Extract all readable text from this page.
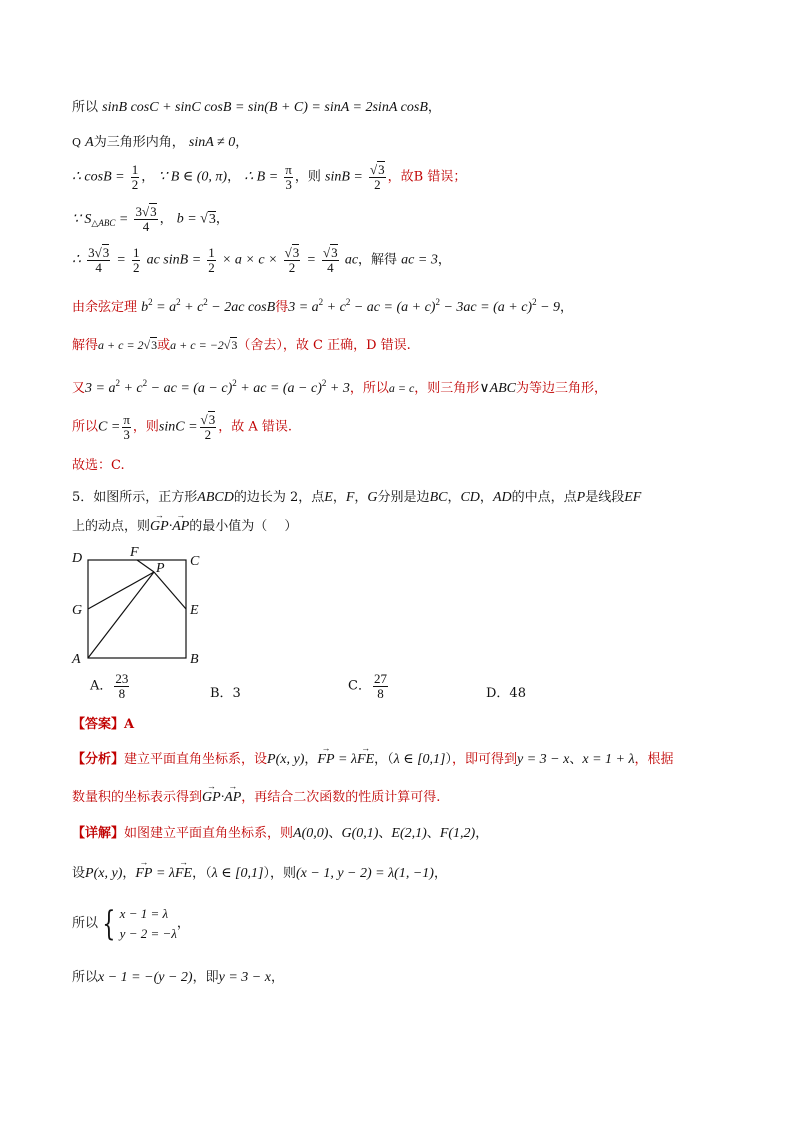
所以 sinB cosC + sinC cosB = sin(B + C) = sinA = 2sinA cosB，
Q A为三角形内角， sinA ≠ 0，
∴ $\cos B = \frac{1}{2}$ ， ∵ B ∈ (0, π)， ∴ $B = \frac{\pi}{3}$ ，则 $\sin B = \frac{√3}{2}$ ，故B 错误；
∵ $S_{\triangle ABC} = \frac{3√3}{4}$ ， b = √3，
∴ $\frac{3√3}{4} = \frac{1}{2}$ ac $\sin B = \frac{1}{2} \times a \times c \times \frac{√3}{2} = \frac{√3}{4}$ ac，解得 ac = 3，
由余弦定理 $b^2 = a^2 + c^2 - 2ac$ cosB得$3 = a^2 + c^2$ − ac = $(a + c)^2 - 3ac = (a + c)^2 - 9$，
解得a + c = 2√3或a + c = −2√3（舍去），故 C 正确，D 错误.
又$3 = a^2 + c^2$ − ac = $(a - c)^2$ + ac = $(a - c)^2 + 3$，所以a = c，则三角形∨ABC为等边三角形，
所以$C = \frac{\pi}{3}$ ，则$\sin C = \frac{√3}{2}$ ，故 A 错误.
故选：C.
5．如图所示，正方形ABCD的边长为 2，点E，F，G分别是边BC，CD，AD的中点，点P是线段EF
上的动点，则→ GP·→ AP的最小值为（　 ）
D	F
C
P
G	E
A	B
A． $\frac{23}{8}$	B．3	C． $\frac{27}{8}$	D．48
【答案】A
【分析】建立平面直角坐标系，设P(x, y)，→ FP = λ→ FE，（λ ∈ [0,1]），即可得到y = 3 − x、x = 1 + λ，根据
数量积的坐标表示得到→ GP·→ AP，再结合二次函数的性质计算可得.
【详解】如图建立平面直角坐标系，则A(0,0)、G(0,1)、E(2,1)、F(1,2)，
设P(x, y)，→ FP = λ→ FE，（λ ∈ [0,1]），则(x − 1, y − 2) = λ(1, −1)，
所以 { x − 1 = λ
y − 2 = −λ
，
所以x − 1 = −(y − 2)，即y = 3 − x，
